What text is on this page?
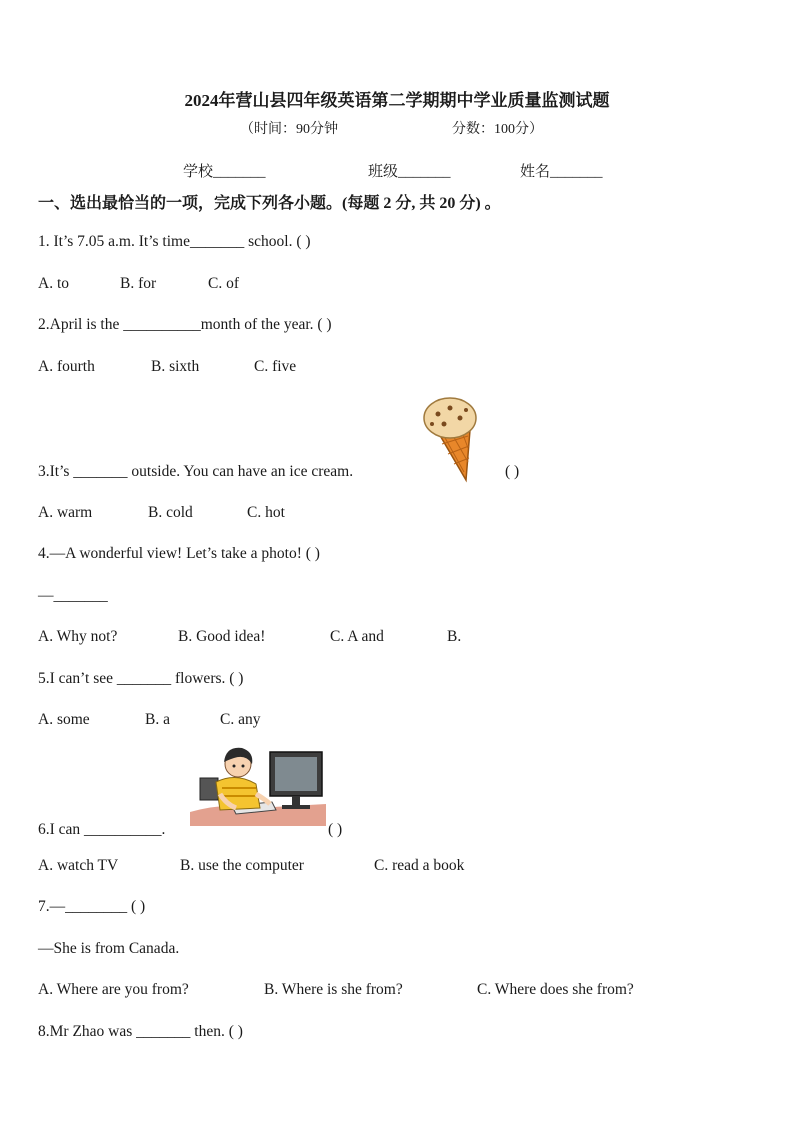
2024年营山县四年级英语第二学期期中学业质量监测试题
（时间：90分钟	分数：100分）
学校_______	班级_______	姓名_______
一、选出最恰当的一项，完成下列各小题。(每题 2 分, 共 20 分) 。
1. It’s 7.05 a.m. It’s time_______ school. ( )
A. to	B. for	C. of
2.April is the __________month of the year. ( )
A. fourth	B. sixth	C. five
3.It’s _______ outside. You can have an ice cream.	( )
A. warm	B. cold	C. hot
4.—A wonderful view! Let’s take a photo! ( )
—_______
A. Why not?	B. Good idea!	C. A and	B.
5.I can’t see _______ flowers. ( )
A. some	B. a	C. any
6.I can __________.	( )
A. watch TV	B. use the computer	C. read a book
7.—________ ( )
—She is from Canada.
A. Where are you from?	B. Where is she from?	C. Where does she from?
8.Mr Zhao was _______ then. ( )
